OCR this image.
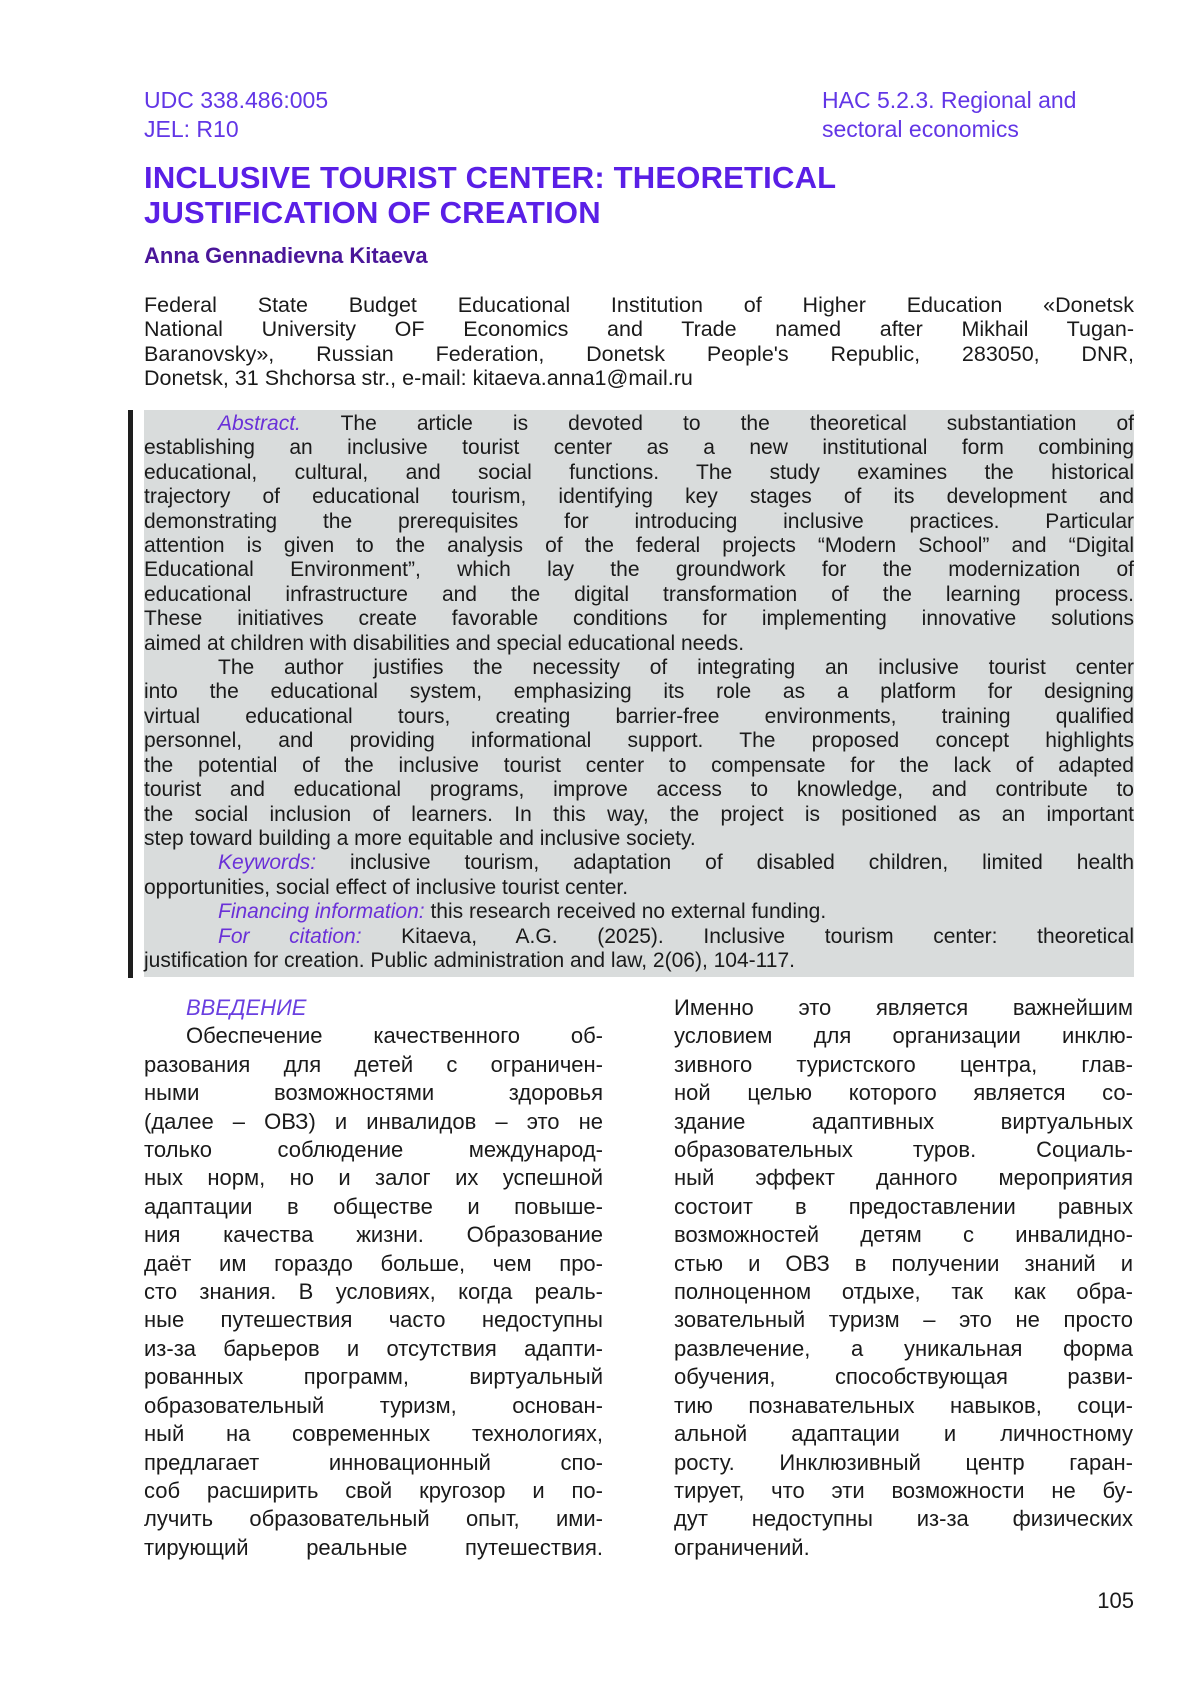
UDC 338.486:005
JEL: R10
HAC 5.2.3. Regional and
sectoral economics
INCLUSIVE TOURIST CENTER: THEORETICAL
JUSTIFICATION OF CREATION
Anna Gennadievna Kitaeva
Federal State Budget Educational Institution of Higher Education «Donetsk
National University OF Economics and Trade named after Mikhail Tugan-
Baranovsky», Russian Federation, Donetsk People's Republic, 283050, DNR,
Donetsk, 31 Shchorsa str., e-mail: kitaeva.anna1@mail.ru
Abstract. The article is devoted to the theoretical substantiation of
establishing an inclusive tourist center as a new institutional form combining
educational, cultural, and social functions. The study examines the historical
trajectory of educational tourism, identifying key stages of its development and
demonstrating the prerequisites for introducing inclusive practices. Particular
attention is given to the analysis of the federal projects “Modern School” and “Digital
Educational Environment”, which lay the groundwork for the modernization of
educational infrastructure and the digital transformation of the learning process.
These initiatives create favorable conditions for implementing innovative solutions
aimed at children with disabilities and special educational needs.
The author justifies the necessity of integrating an inclusive tourist center
into the educational system, emphasizing its role as a platform for designing
virtual educational tours, creating barrier-free environments, training qualified
personnel, and providing informational support. The proposed concept highlights
the potential of the inclusive tourist center to compensate for the lack of adapted
tourist and educational programs, improve access to knowledge, and contribute to
the social inclusion of learners. In this way, the project is positioned as an important
step toward building a more equitable and inclusive society.
Keywords: inclusive tourism, adaptation of disabled children, limited health
opportunities, social effect of inclusive tourist center.
Financing information: this research received no external funding.
For citation: Kitaeva, A.G. (2025). Inclusive tourism center: theoretical
justification for creation. Public administration and law, 2(06), 104-117.
ВВЕДЕНИЕ
Обеспечение качественного об-
разования для детей с ограничен-
ными возможностями здоровья
(далее – ОВЗ) и инвалидов – это не
только соблюдение международ-
ных норм, но и залог их успешной
адаптации в обществе и повыше-
ния качества жизни. Образование
даёт им гораздо больше, чем про-
сто знания. В условиях, когда реаль-
ные путешествия часто недоступны
из-за барьеров и отсутствия адапти-
рованных программ, виртуальный
образовательный туризм, основан-
ный на современных технологиях,
предлагает инновационный спо-
соб расширить свой кругозор и по-
лучить образовательный опыт, ими-
тирующий реальные путешествия.
Именно это является важнейшим
условием для организации инклю-
зивного туристского центра, глав-
ной целью которого является со-
здание адаптивных виртуальных
образовательных туров. Социаль-
ный эффект данного мероприятия
состоит в предоставлении равных
возможностей детям с инвалидно-
стью и ОВЗ в получении знаний и
полноценном отдыхе, так как обра-
зовательный туризм – это не просто
развлечение, а уникальная форма
обучения, способствующая разви-
тию познавательных навыков, соци-
альной адаптации и личностному
росту. Инклюзивный центр гаран-
тирует, что эти возможности не бу-
дут недоступны из-за физических
ограничений.
105
